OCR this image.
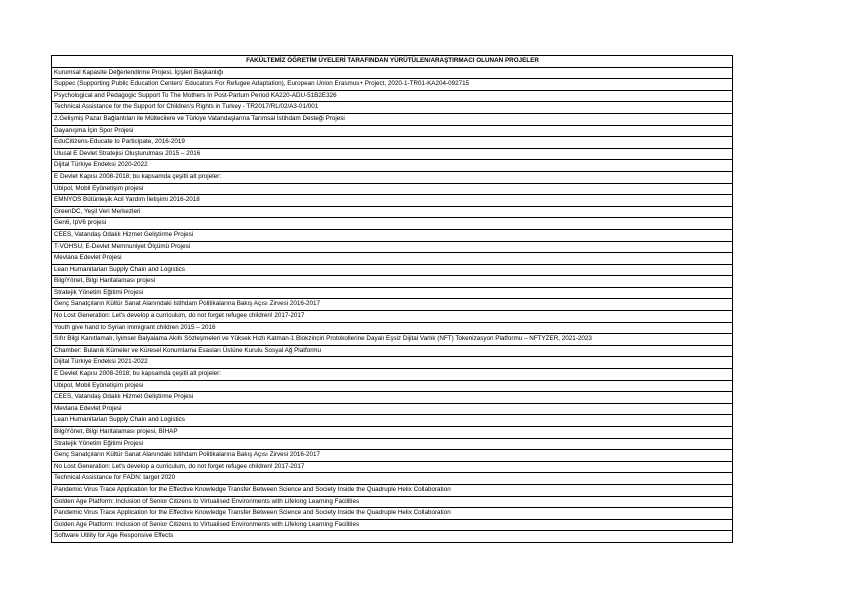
FAKÜLTEMİZ ÖĞRETİM ÜYELERİ TARAFINDAN YÜRÜTÜLEN/ARAŞTIRMACI OLUNAN PROJELER
Kurumsal Kapasite Değerlendirme Projesi, İçişleri Başkanlığı
Suppec (Supporting Public Education Centers' Educators For Refugee Adaptation), European Union Erasmus+ Project, 2020-1-TR01-KA204-092715
Psychological and Pedagogic Support To The Mothers In Post-Partum Period KA220-ADU-51B2E326
Technical Assistance for the Support for Children's Rights in Turkey - TR2017/RL/02/A3-01/001
2.Gelişmiş Pazar Bağlantıları ile Mültecilere ve Türkiye Vatandaşlarına Tarımsal İstihdam Desteği Projesi
Dayanışma İçin Spor Projesi
EduCitizens-Educate to Participate, 2016-2019
Ulusal E Devlet Stratejisi Oluşturulması 2015 – 2016
Dijital Türkiye Endeksi 2020-2022
E Devlet Kapısı 2008-2018; bu kapsamda çeşitli alt projeler:
Ubipol, Mobil Eyönetişim projesi
EMNYOS Bütünleşik Acil Yardım İletişimi 2016-2018
GreenDC, Yeşil Veri Merkezleri
Gen6, IpV6 projesi
CEES, Vatandaş Odaklı Hizmet Geliştirme Projesi
T-VOHSU, E-Devlet Memnuniyet Ölçümü Projesi
Mevlana Edevlet Projesi
Lean Humanitarian Supply Chain and Logistics
BilgiYönet, Bilgi Haritalaması projesi
Stratejik Yönetim Eğitimi Projesi
Genç Sanatçıların Kültür Sanat Alanındaki Istihdam Politikalarına Bakış Açısı Zirvesi 2016-2017
No Lost Generation: Let's develop a curriculum, do not forget refugee children! 2017-2017
Youth give hand to Syrian immigrant children 2015 – 2016
Sıfır Bilgi Kanıtlamalı, İyimser Balyalama Akıllı Sözleşmeleri ve Yüksek Hızlı Katman-1 Blokzinciri Protokollerine Dayalı Eşsiz Dijital Varlık (NFT) Tokenizasyon Platformu – NFTYZER, 2021-2023
Chamber: Bulanık Kümeler ve Küresel Konumlama Esasları Üstüne Kurulu Sosyal Ağ Platformu
Dijital Türkiye Endeksi 2021-2022
E Devlet Kapısı 2008-2018; bu kapsamda çeşitli alt projeler:
Ubipol, Mobil Eyönetişim projesi
CEES, Vatandaş Odaklı Hizmet Geliştirme Projesi
Mevlana Edevlet Projesi
Lean Humanitarian Supply Chain and Logistics
BilgiYönet, Bilgi Haritalaması projesi, BİHAP
Stratejik Yönetim Eğitimi Projesi
Genç Sanatçıların Kültür Sanat Alanındaki Istihdam Politikalarına Bakış Açısı Zirvesi 2016-2017
No Lost Generation: Let's develop a curriculum, do not forget refugee children! 2017-2017
Technical Assistance for FADN: target 2020
Pandemic Virus Trace Application for the Effective Knowledge Transfer Between Science and Society Inside the Quadruple Helix Collaboration
Golden Age Platform: Inclusion of Senior Citizens to Virtualised Environments with Lifelong Learning Facilities
Pandemic Virus Trace Application for the Effective Knowledge Transfer Between Science and Society Inside the Quadruple Helix Collaboration
Golden Age Platform: Inclusion of Senior Citizens to Virtualised Environments with Lifelong Learning Facilities
Software Utility for Age Responsive Effects
